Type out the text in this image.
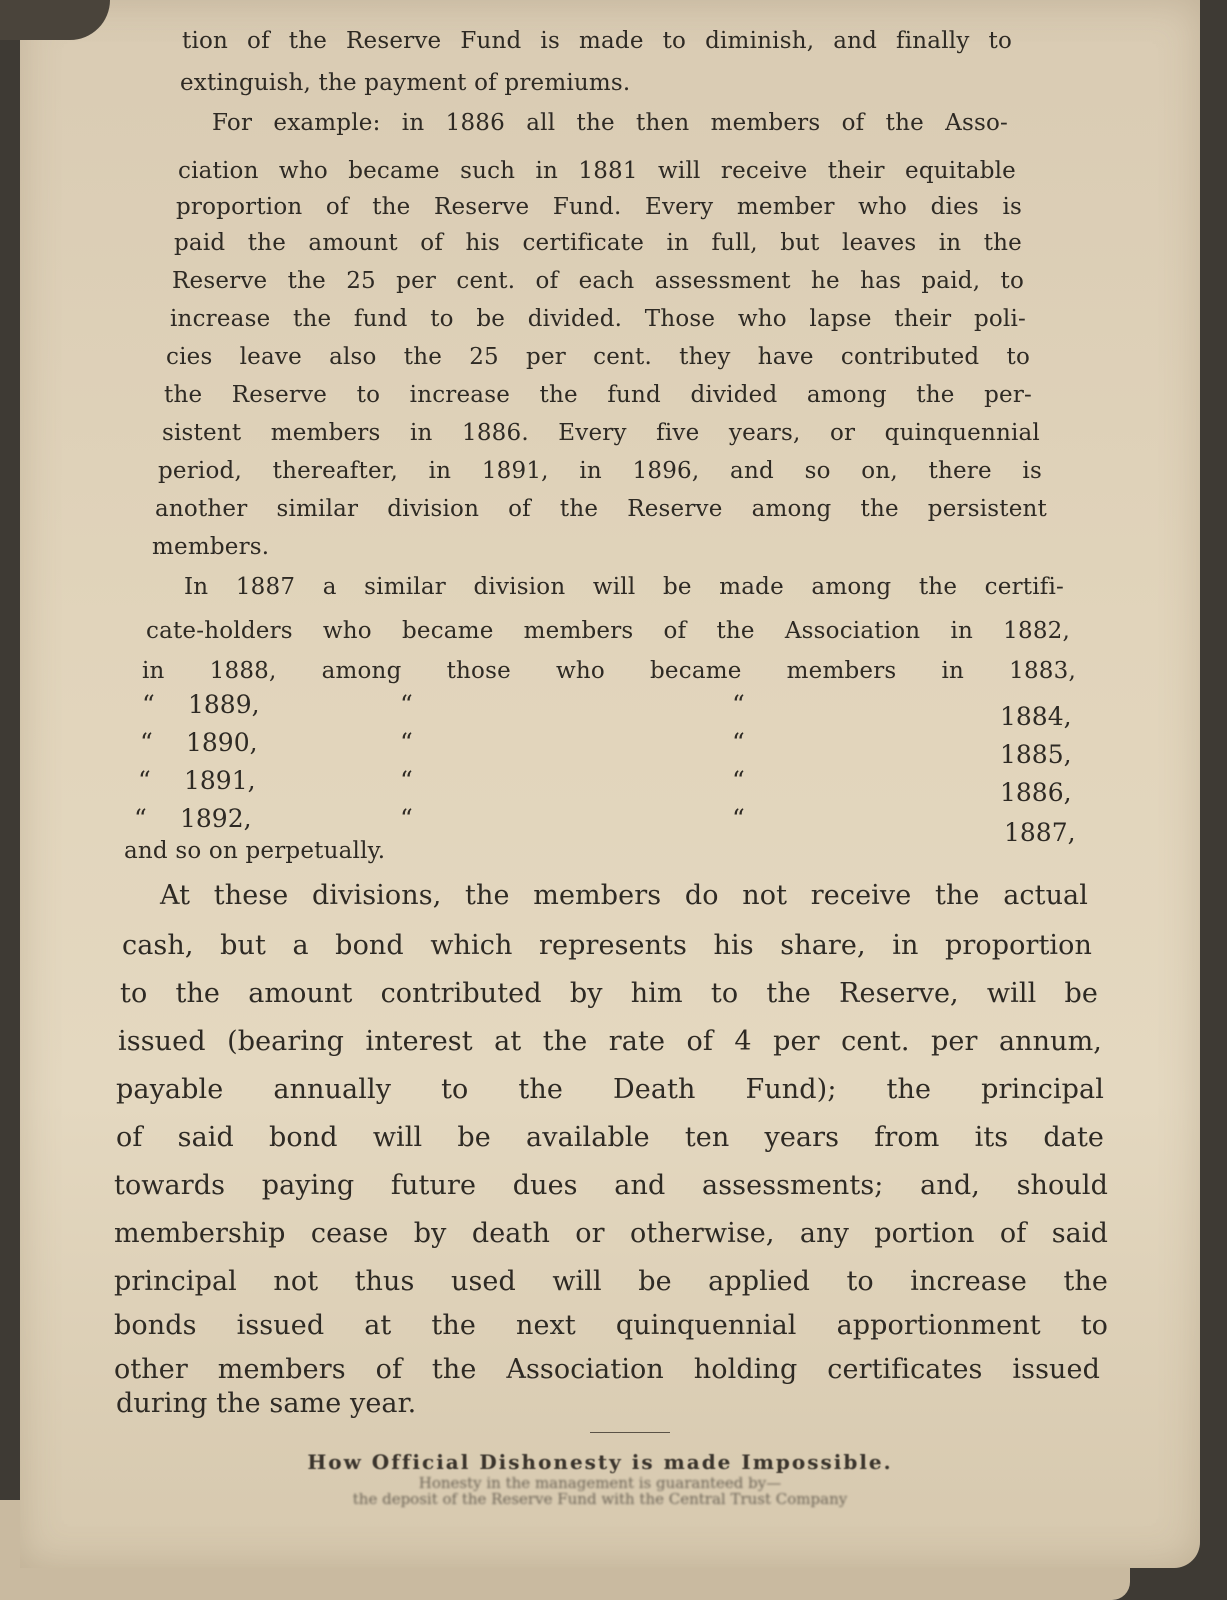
tion of the Reserve Fund is made to diminish, and finally to

extinguish, the payment of premiums.

For example: in 1886 all the then members of the Asso-

ciation who became such in 1881 will receive their equitable

proportion of the Reserve Fund. Every member who dies is

paid the amount of his certificate in full, but leaves in the

Reserve the 25 per cent. of each assessment he has paid, to

increase the fund to be divided. Those who lapse their poli-

cies leave also the 25 per cent. they have contributed to

the Reserve to increase the fund divided among the per-

sistent members in 1886. Every five years, or quinquennial

period, thereafter, in 1891, in 1896, and so on, there is

another similar division of the Reserve among the persistent

members.

In 1887 a similar division will be made among the certifi-

cate-holders who became members of the Association in 1882,

in 1888, among those who became members in 1883,

“ 1889,	“	“	1884,
“ 1890,	“	“	1885,
“ 1891,	“	“	1886,
“ 1892,	“	“	1887,

and so on perpetually.

At these divisions, the members do not receive the actual

cash, but a bond which represents his share, in proportion

to the amount contributed by him to the Reserve, will be

issued (bearing interest at the rate of 4 per cent. per annum,

payable annually to the Death Fund); the principal

of said bond will be available ten years from its date

towards paying future dues and assessments; and, should

membership cease by death or otherwise, any portion of said

principal not thus used will be applied to increase the

bonds issued at the next quinquennial apportionment to

other members of the Association holding certificates issued

during the same year.

How Official Dishonesty is made Impossible.
Honesty in the management is guaranteed by—
the deposit of the Reserve Fund with the Central Trust Company
